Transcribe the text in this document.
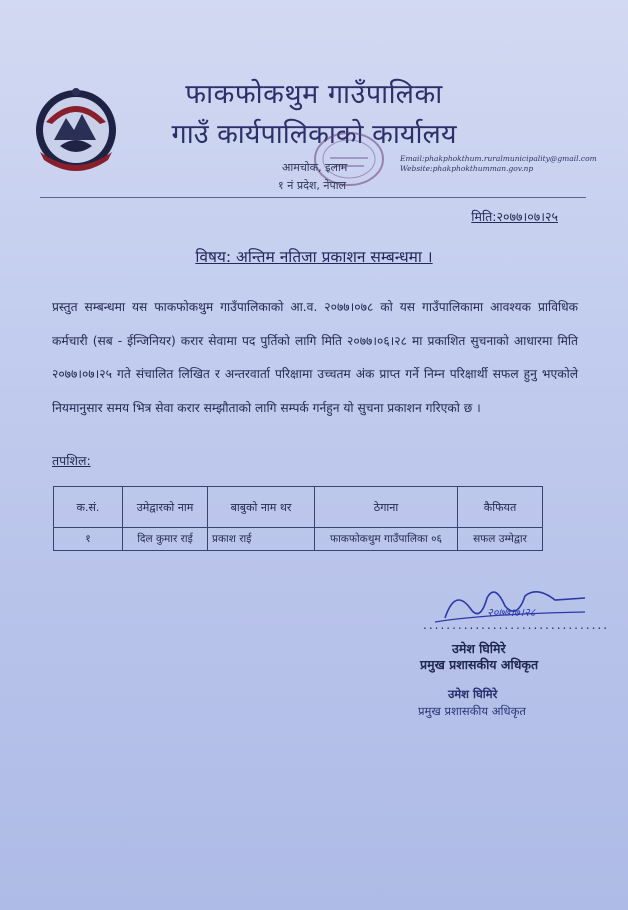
फाकफोकथुम गाउँपालिका
गाउँ कार्यपालिकाको कार्यालय
आमचोक, इलाम
१ नं प्रदेश, नेपाल
Email:phakphokthum.ruralmunicipality@gmail.com
Website:phakphokthumman.gov.np
मिति:२०७७।०७।२५
विषय: अन्तिम नतिजा प्रकाशन सम्बन्धमा ।
प्रस्तुत सम्बन्धमा यस फाकफोकथुम गाउँपालिकाको आ.व. २०७७।०७८ को यस गाउँपालिकामा आवश्यक प्राविधिक कर्मचारी (सब - ईन्जिनियर) करार सेवामा पद पुर्तिको लागि मिति २०७७।०६।२८ मा प्रकाशित सुचनाको आधारमा मिति २०७७।०७।२५ गते संचालित लिखित र अन्तरवार्ता परिक्षामा उच्चतम अंक प्राप्त गर्ने निम्न परिक्षार्थी सफल हुनु भएकोले नियमानुसार समय भित्र सेवा करार सम्झौताको लागि सम्पर्क गर्नहुन यो सुचना प्रकाशन गरिएको छ ।
तपशिल:
क.सं.	उमेद्वारको नाम	बाबुको नाम थर	ठेगाना	कैफियत
१	दिल कुमार राई	प्रकाश राई	फाकफोकथुम गाउँपालिका ०६	सफल उम्मेद्वार
२०७७।७।२८
................................
उमेश घिमिरे
प्रमुख प्रशासकीय अधिकृत
उमेश घिमिरे
प्रमुख प्रशासकीय अधिकृत
